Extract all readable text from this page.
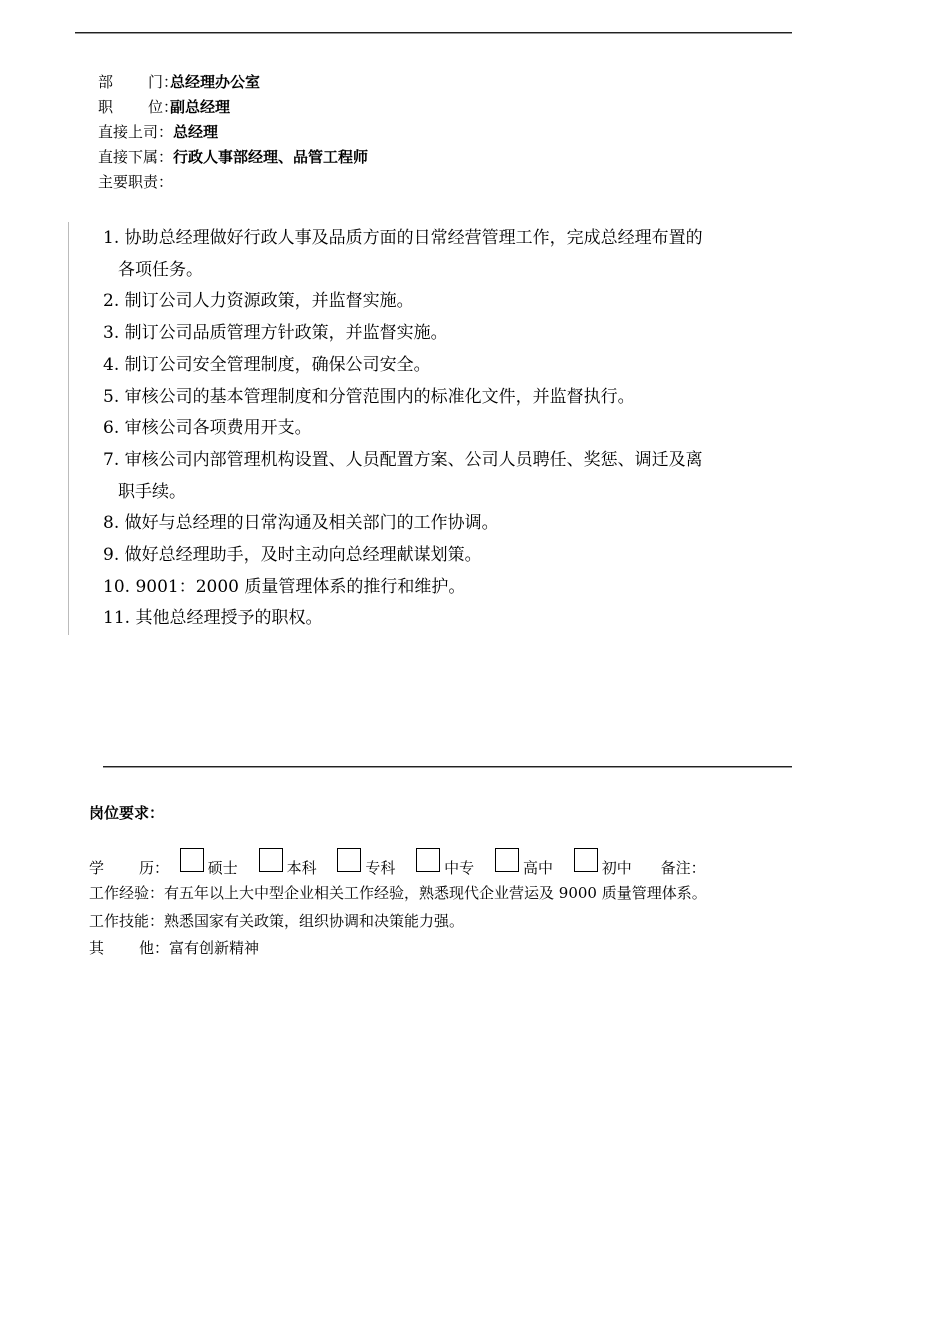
部 门：总经理办公室
职 位：副总经理
直接上司：总经理
直接下属：行政人事部经理、品管工程师
主要职责：
1. 协助总经理做好行政人事及品质方面的日常经营管理工作，完成总经理布置的
各项任务。
2. 制订公司人力资源政策，并监督实施。
3. 制订公司品质管理方针政策，并监督实施。
4. 制订公司安全管理制度，确保公司安全。
5. 审核公司的基本管理制度和分管范围内的标准化文件，并监督执行。
6. 审核公司各项费用开支。
7. 审核公司内部管理机构设置、人员配置方案、公司人员聘任、奖惩、调迁及离
职手续。
8. 做好与总经理的日常沟通及相关部门的工作协调。
9. 做好总经理助手，及时主动向总经理献谋划策。
10. 9001：2000 质量管理体系的推行和维护。
11. 其他总经理授予的职权。
岗位要求：
学 历：	硕士	本科	专科	中专	高中	初中 备注：
工作经验：有五年以上大中型企业相关工作经验，熟悉现代企业营运及 9000 质量管理体系。
工作技能：熟悉国家有关政策，组织协调和决策能力强。
其 他：富有创新精神
